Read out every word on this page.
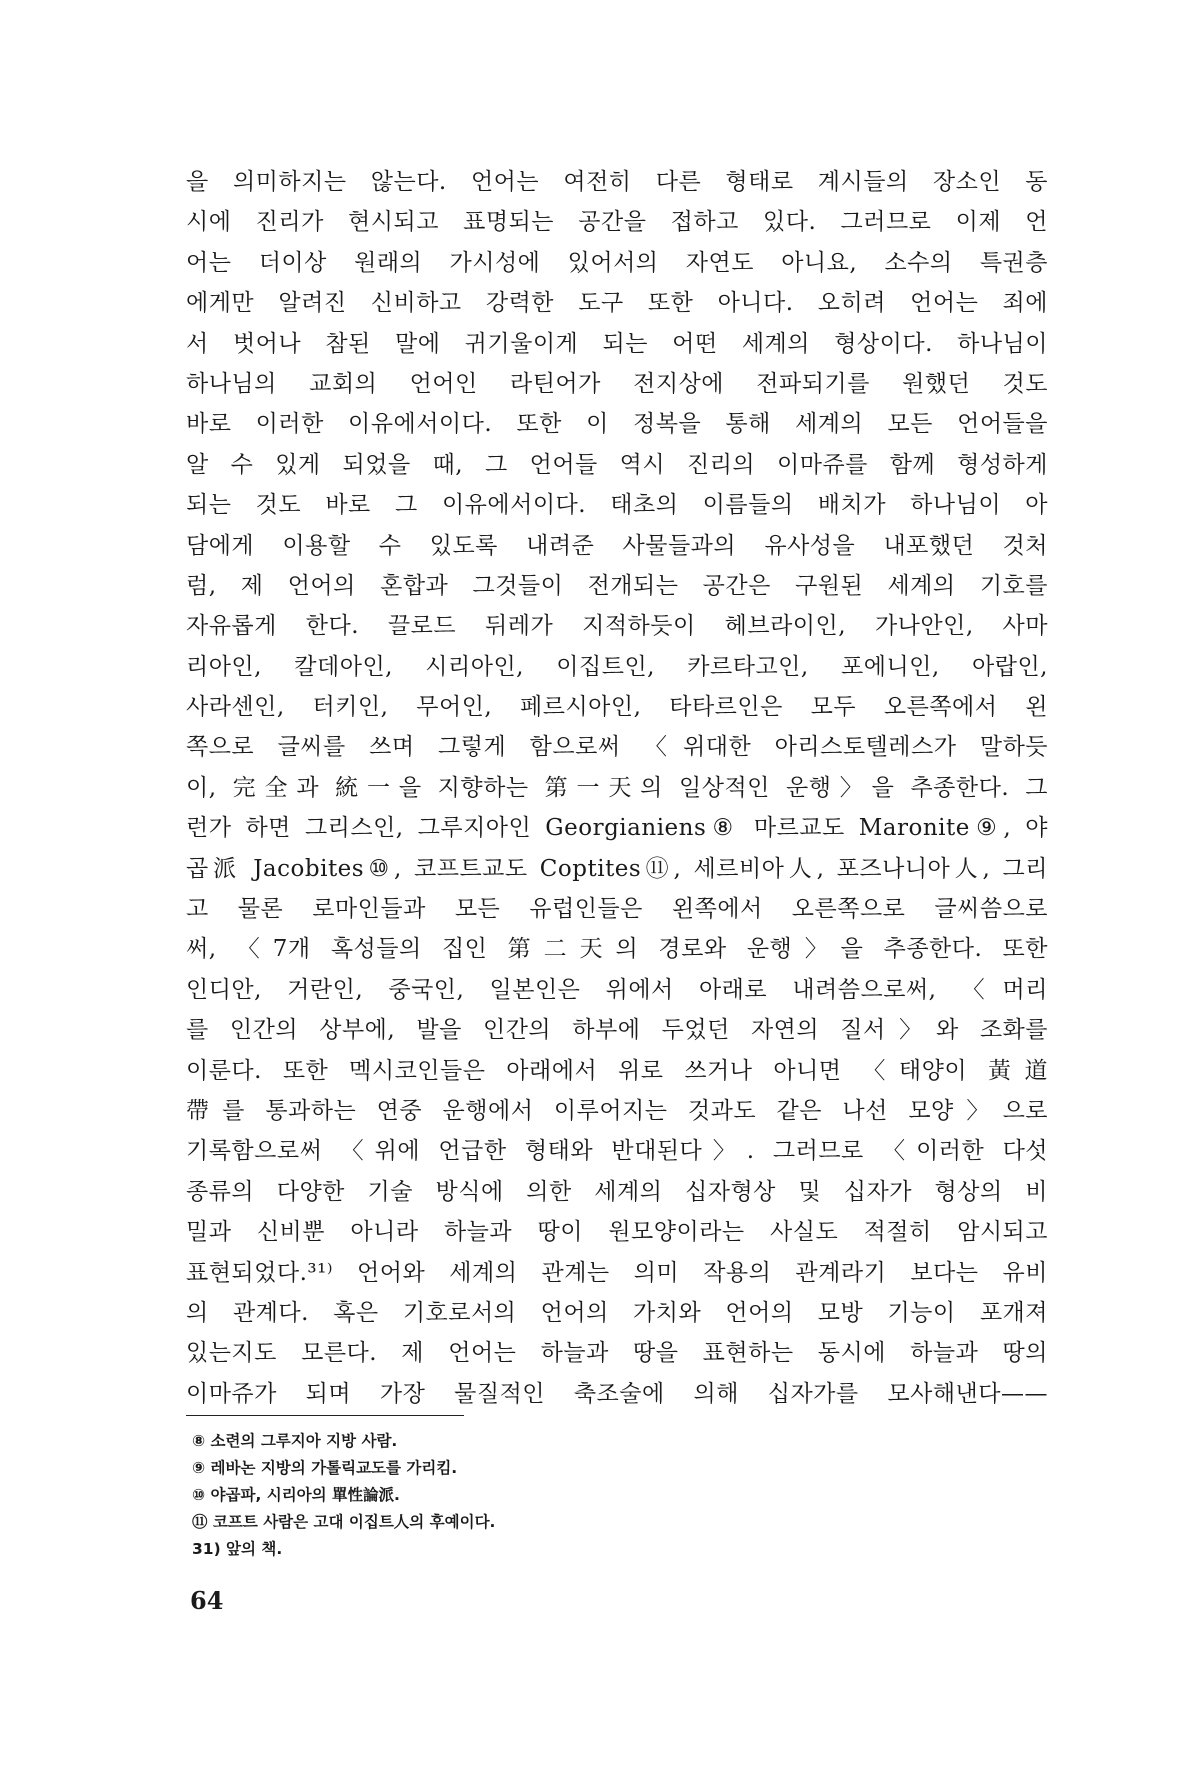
을 의미하지는 않는다. 언어는 여전히 다른 형태로 계시들의 장소인 동
시에 진리가 현시되고 표명되는 공간을 접하고 있다. 그러므로 이제 언
어는 더이상 원래의 가시성에 있어서의 자연도 아니요, 소수의 특권층
에게만 알려진 신비하고 강력한 도구 또한 아니다. 오히려 언어는 죄에
서 벗어나 참된 말에 귀기울이게 되는 어떤 세계의 형상이다. 하나님이
하나님의 교회의 언어인 라틴어가 전지상에 전파되기를 원했던 것도
바로 이러한 이유에서이다. 또한 이 정복을 통해 세계의 모든 언어들을
알 수 있게 되었을 때, 그 언어들 역시 진리의 이마쥬를 함께 형성하게
되는 것도 바로 그 이유에서이다. 태초의 이름들의 배치가 하나님이 아
담에게 이용할 수 있도록 내려준 사물들과의 유사성을 내포했던 것처
럼, 제 언어의 혼합과 그것들이 전개되는 공간은 구원된 세계의 기호를
자유롭게 한다. 끌로드 뒤레가 지적하듯이 헤브라이인, 가나안인, 사마
리아인, 칼데아인, 시리아인, 이집트인, 카르타고인, 포에니인, 아랍인,
사라센인, 터키인, 무어인, 페르시아인, 타타르인은 모두 오른쪽에서 왼
쪽으로 글씨를 쓰며 그렇게 함으로써 〈위대한 아리스토텔레스가 말하듯
이, 完全과 統一을 지향하는 第一天의 일상적인 운행〉을 추종한다. 그
런가 하면 그리스인, 그루지아인 Georgianiens⑧ 마르교도 Maronite⑨, 야
곱派 Jacobites⑩, 코프트교도 Coptites⑪, 세르비아人, 포즈나니아人, 그리
고 물론 로마인들과 모든 유럽인들은 왼쪽에서 오른쪽으로 글씨씀으로
써, 〈7개 혹성들의 집인 第二天의 경로와 운행〉을 추종한다. 또한
인디안, 거란인, 중국인, 일본인은 위에서 아래로 내려씀으로써, 〈머리
를 인간의 상부에, 발을 인간의 하부에 두었던 자연의 질서〉와 조화를
이룬다. 또한 멕시코인들은 아래에서 위로 쓰거나 아니면 〈태양이 黃道
帶를 통과하는 연중 운행에서 이루어지는 것과도 같은 나선 모양〉으로
기록함으로써 〈위에 언급한 형태와 반대된다〉. 그러므로 〈이러한 다섯
종류의 다양한 기술 방식에 의한 세계의 십자형상 및 십자가 형상의 비
밀과 신비뿐 아니라 하늘과 땅이 원모양이라는 사실도 적절히 암시되고
표현되었다.³¹⁾ 언어와 세계의 관계는 의미 작용의 관계라기 보다는 유비
의 관계다. 혹은 기호로서의 언어의 가치와 언어의 모방 기능이 포개져
있는지도 모른다. 제 언어는 하늘과 땅을 표현하는 동시에 하늘과 땅의
이마쥬가 되며 가장 물질적인 축조술에 의해 십자가를 모사해낸다——
⑧ 소련의 그루지아 지방 사람.
⑨ 레바논 지방의 가톨릭교도를 가리킴.
⑩ 야곱파, 시리아의 單性論派.
⑪ 코프트 사람은 고대 이집트人의 후예이다.
31) 앞의 책.
64
